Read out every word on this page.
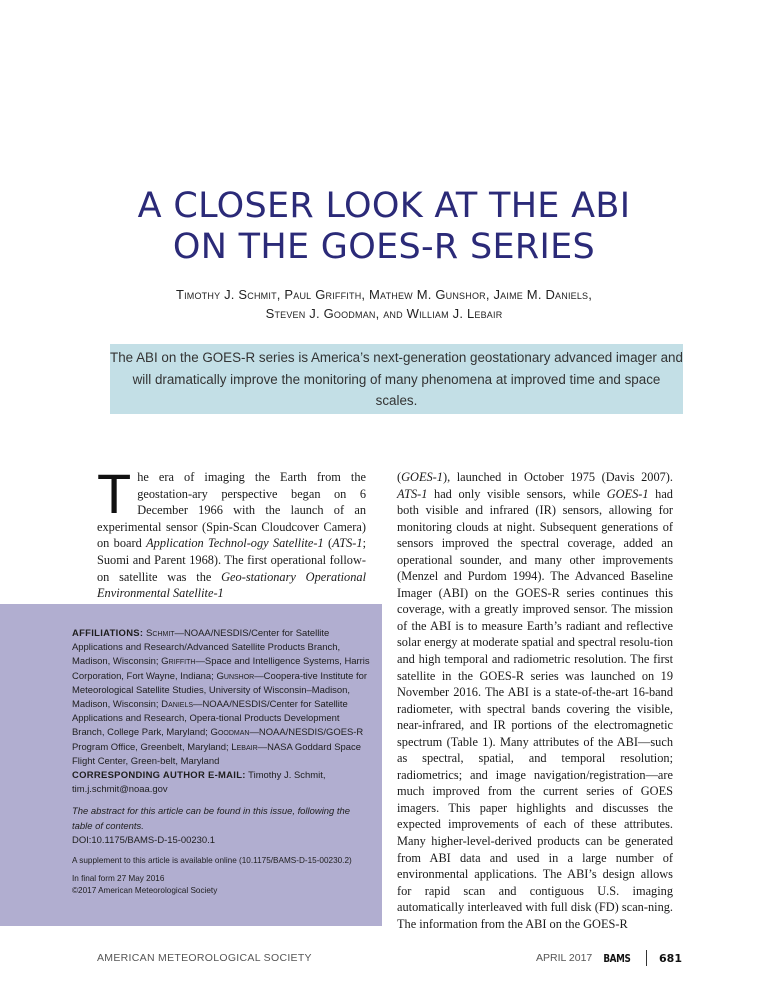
A CLOSER LOOK AT THE ABI
ON THE GOES-R SERIES
Timothy J. Schmit, Paul Griffith, Mathew M. Gunshor, Jaime M. Daniels,
Steven J. Goodman, and William J. Lebair
The ABI on the GOES-R series is America’s next-generation geostationary advanced imager and will dramatically improve the monitoring of many phenomena at improved time and space scales.
The era of imaging the Earth from the geostation-ary perspective began on 6 December 1966 with the launch of an experimental sensor (Spin-Scan Cloudcover Camera) on board Application Technol-ogy Satellite-1 (ATS-1; Suomi and Parent 1968). The first operational follow-on satellite was the Geo-stationary Operational Environmental Satellite-1
(GOES-1), launched in October 1975 (Davis 2007). ATS-1 had only visible sensors, while GOES-1 had both visible and infrared (IR) sensors, allowing for monitoring clouds at night. Subsequent generations of sensors improved the spectral coverage, added an operational sounder, and many other improvements (Menzel and Purdom 1994). The Advanced Baseline Imager (ABI) on the GOES-R series continues this coverage, with a greatly improved sensor. The mission of the ABI is to measure Earth’s radiant and reflective solar energy at moderate spatial and spectral resolu-tion and high temporal and radiometric resolution. The first satellite in the GOES-R series was launched on 19 November 2016. The ABI is a state-of-the-art 16-band radiometer, with spectral bands covering the visible, near-infrared, and IR portions of the electromagnetic spectrum (Table 1). Many attributes of the ABI—such as spectral, spatial, and temporal resolution; radiometrics; and image navigation/registration—are much improved from the current series of GOES imagers. This paper highlights and discusses the expected improvements of each of these attributes. Many higher-level-derived products can be generated from ABI data and used in a large number of environmental applications. The ABI’s design allows for rapid scan and contiguous U.S. imaging automatically interleaved with full disk (FD) scan-ning. The information from the ABI on the GOES-R
AFFILIATIONS: Schmit—NOAA/NESDIS/Center for Satellite Applications and Research/Advanced Satellite Products Branch, Madison, Wisconsin; Griffith—Space and Intelligence Systems, Harris Corporation, Fort Wayne, Indiana; Gunshor—Coopera-tive Institute for Meteorological Satellite Studies, University of Wisconsin–Madison, Madison, Wisconsin; Daniels—NOAA/NESDIS/Center for Satellite Applications and Research, Opera-tional Products Development Branch, College Park, Maryland; Goodman—NOAA/NESDIS/GOES-R Program Office, Greenbelt, Maryland; Lebair—NASA Goddard Space Flight Center, Green-belt, Maryland
CORRESPONDING AUTHOR E-MAIL: Timothy J. Schmit,
tim.j.schmit@noaa.gov
The abstract for this article can be found in this issue, following the table of contents.
DOI:10.1175/BAMS-D-15-00230.1
A supplement to this article is available online (10.1175/BAMS-D-15-00230.2)
In final form 27 May 2016
©2017 American Meteorological Society
AMERICAN METEOROLOGICAL SOCIETY	APRIL 2017 BAMS	681
